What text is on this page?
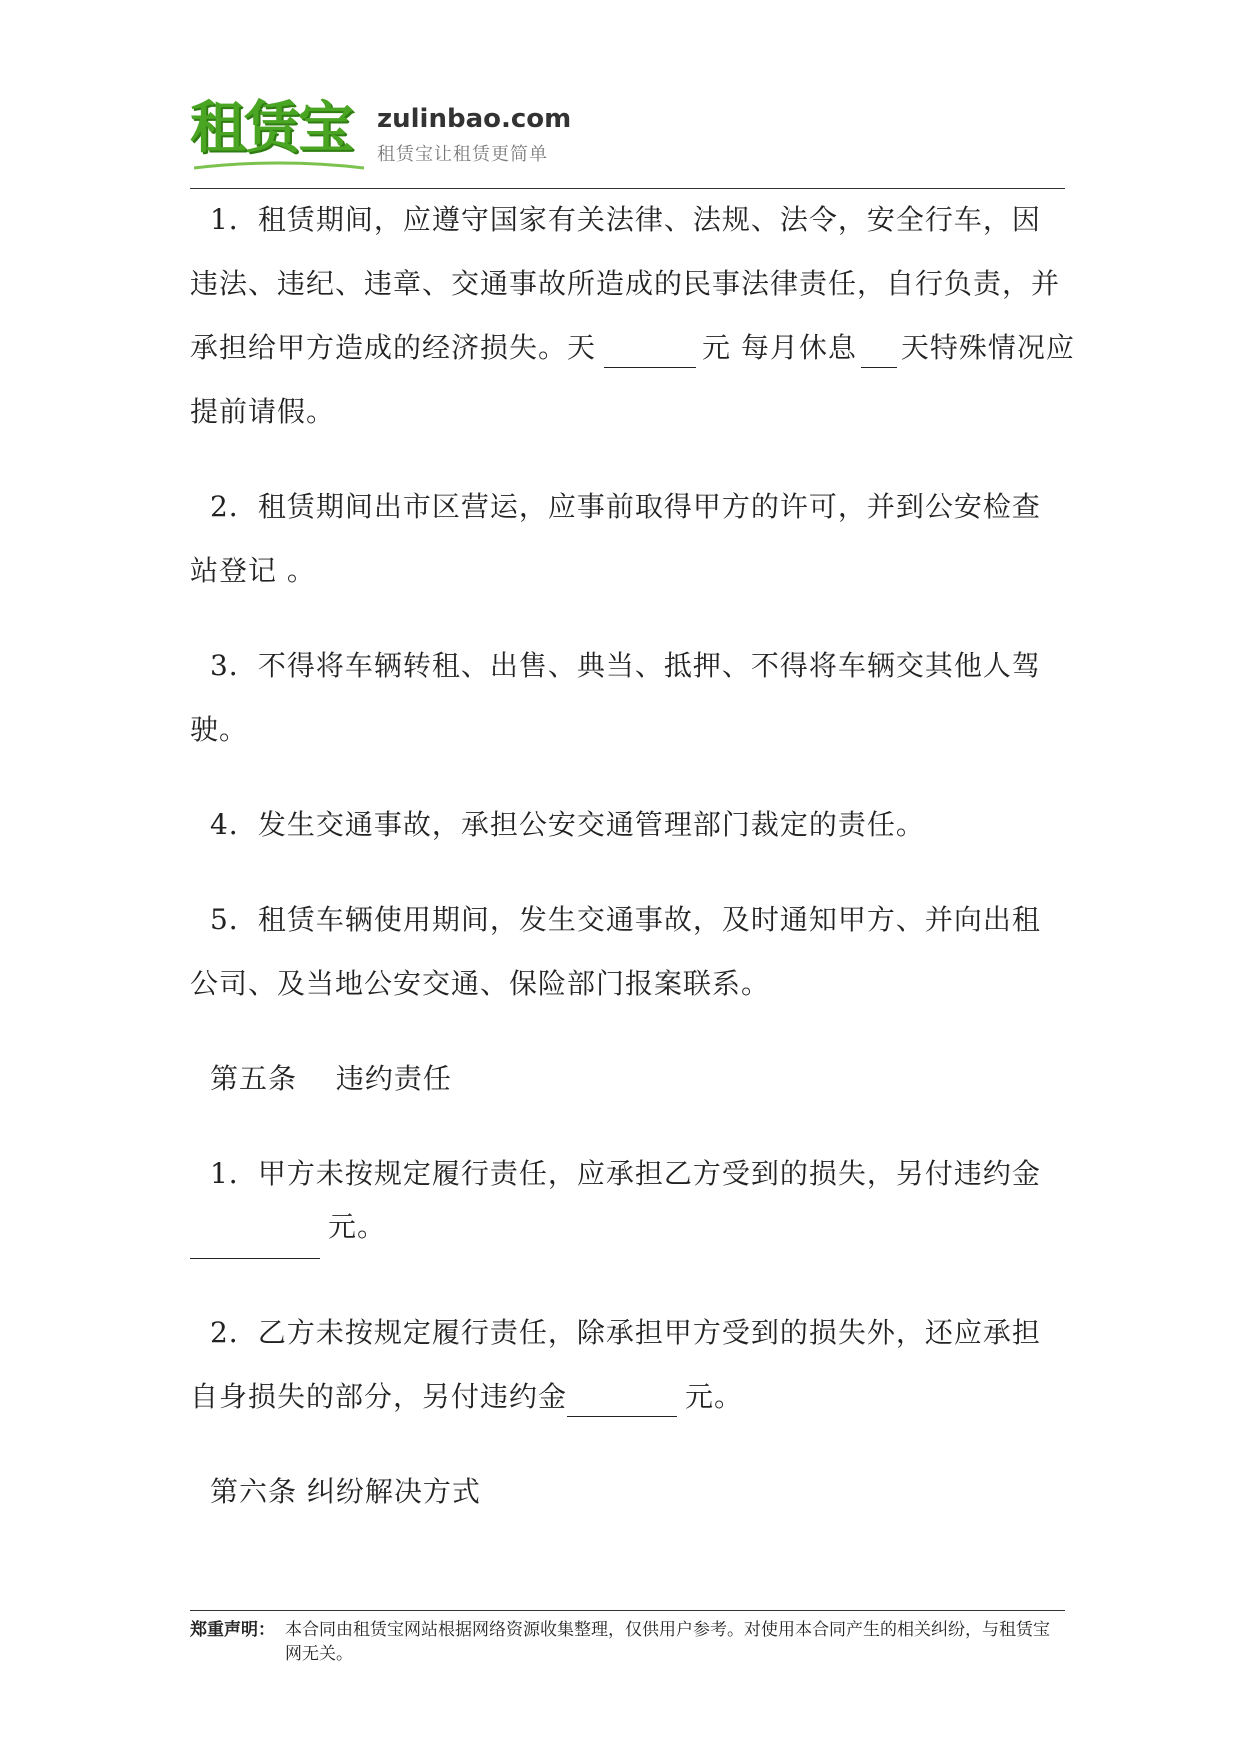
租赁宝 zulinbao.com
租赁宝让租赁更简单
1．租赁期间，应遵守国家有关法律、法规、法令，安全行车，因
违法、违纪、违章、交通事故所造成的民事法律责任，自行负责，并
承担给甲方造成的经济损失。天	元 每月休息 天特殊情况应
提前请假。
2．租赁期间出市区营运，应事前取得甲方的许可，并到公安检查
站登记 。
3．不得将车辆转租、出售、典当、抵押、不得将车辆交其他人驾
驶。
4．发生交通事故，承担公安交通管理部门裁定的责任。
5．租赁车辆使用期间，发生交通事故，及时通知甲方、并向出租
公司、及当地公安交通、保险部门报案联系。
第五条　 违约责任
1．甲方未按规定履行责任，应承担乙方受到的损失，另付违约金
元。
2．乙方未按规定履行责任，除承担甲方受到的损失外，还应承担
自身损失的部分，另付违约金	元。
第六条 纠纷解决方式
郑重声明： 本合同由租赁宝网站根据网络资源收集整理，仅供用户参考。对使用本合同产生的相关纠纷，与租赁宝网无关。
